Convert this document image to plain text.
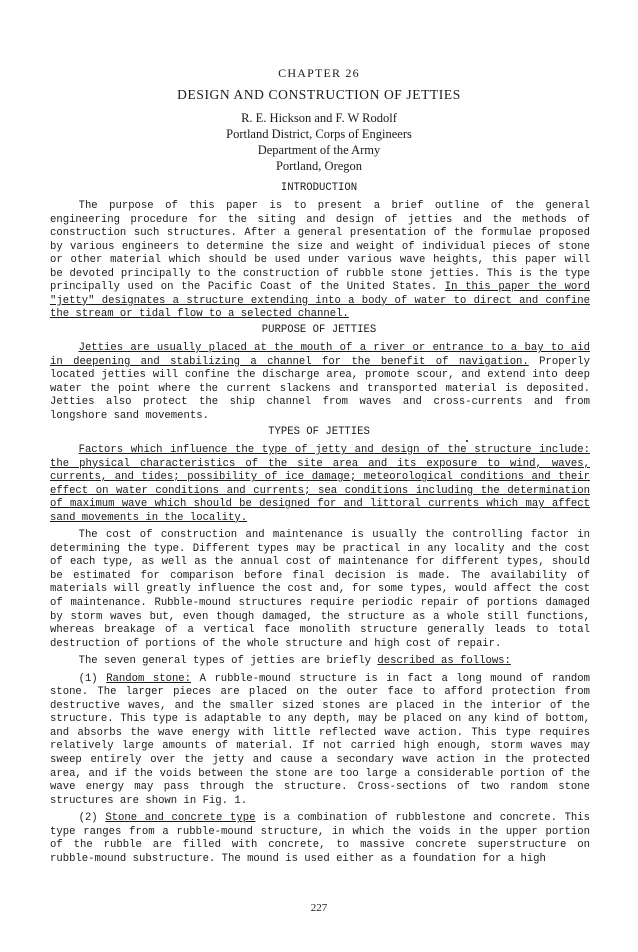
CHAPTER 26
DESIGN AND CONSTRUCTION OF JETTIES
R. E. Hickson and F. W Rodolf
Portland District, Corps of Engineers
Department of the Army
Portland, Oregon
INTRODUCTION

The purpose of this paper is to present a brief outline of the general engineering procedure for the siting and design of jetties and the methods of construction such structures. After a general presentation of the formulae proposed by various engineers to determine the size and weight of individual pieces of stone or other material which should be used under various wave heights, this paper will be devoted principally to the construction of rubble stone jetties. This is the type principally used on the Pacific Coast of the United States. In this paper the word "jetty" designates a structure extending into a body of water to direct and confine the stream or tidal flow to a selected channel.

PURPOSE OF JETTIES

Jetties are usually placed at the mouth of a river or entrance to a bay to aid in deepening and stabilizing a channel for the benefit of navigation. Properly located jetties will confine the discharge area, promote scour, and extend into deep water the point where the current slackens and transported material is deposited. Jetties also protect the ship channel from waves and cross-currents and from longshore sand movements.

TYPES OF JETTIES

Factors which influence the type of jetty and design of the structure include: the physical characteristics of the site area and its exposure to wind, waves, currents, and tides; possibility of ice damage; meteorological conditions and their effect on water conditions and currents; sea conditions including the determination of maximum wave which should be designed for and littoral currents which may affect sand movements in the locality.

The cost of construction and maintenance is usually the controlling factor in determining the type. Different types may be practical in any locality and the cost of each type, as well as the annual cost of maintenance for different types, should be estimated for comparison before final decision is made. The availability of materials will greatly influence the cost and, for some types, would affect the cost of maintenance. Rubble-mound structures require periodic repair of portions damaged by storm waves but, even though damaged, the structure as a whole still functions, whereas breakage of a vertical face monolith structure generally leads to total destruction of portions of the whole structure and high cost of repair.

The seven general types of jetties are briefly described as follows:

(1) Random stone: A rubble-mound structure is in fact a long mound of random stone. The larger pieces are placed on the outer face to afford protection from destructive waves, and the smaller sized stones are placed in the interior of the structure. This type is adaptable to any depth, may be placed on any kind of bottom, and absorbs the wave energy with little reflected wave action. This type requires relatively large amounts of material. If not carried high enough, storm waves may sweep entirely over the jetty and cause a secondary wave action in the protected area, and if the voids between the stone are too large a considerable portion of the wave energy may pass through the structure. Cross-sections of two random stone structures are shown in Fig. 1.

(2) Stone and concrete type is a combination of rubblestone and concrete. This type ranges from a rubble-mound structure, in which the voids in the upper portion of the rubble are filled with concrete, to massive concrete superstructure on rubble-mound substructure. The mound is used either as a foundation for a high

227
